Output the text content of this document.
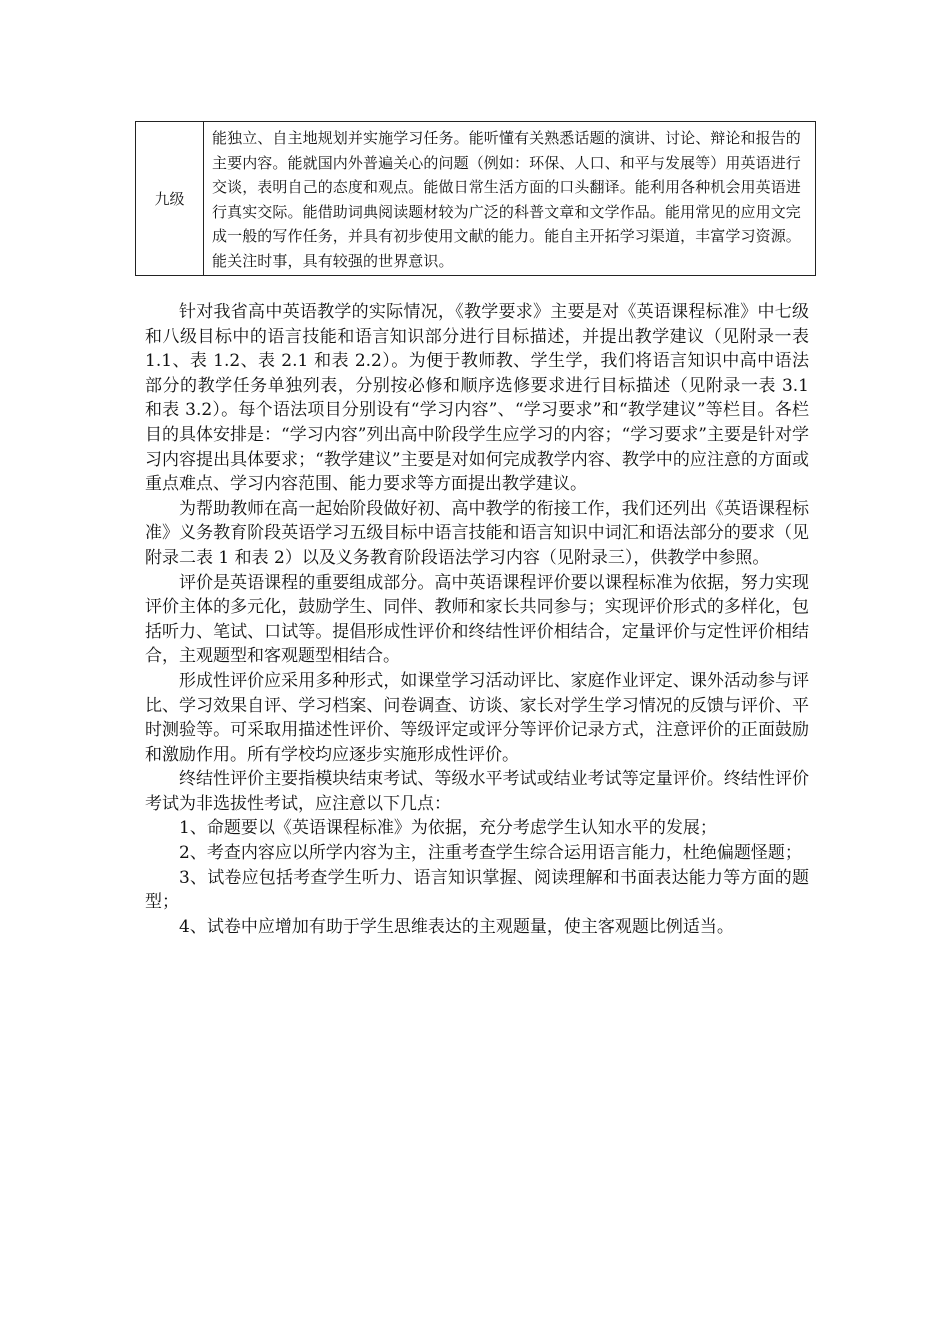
九级	能独立、自主地规划并实施学习任务。能听懂有关熟悉话题的演讲、讨论、辩论和报告的主要内容。能就国内外普遍关心的问题（例如：环保、人口、和平与发展等）用英语进行交谈，表明自己的态度和观点。能做日常生活方面的口头翻译。能利用各种机会用英语进行真实交际。能借助词典阅读题材较为广泛的科普文章和文学作品。能用常见的应用文完成一般的写作任务，并具有初步使用文献的能力。能自主开拓学习渠道，丰富学习资源。能关注时事，具有较强的世界意识。

针对我省高中英语教学的实际情况，《教学要求》主要是对《英语课程标准》中七级和八级目标中的语言技能和语言知识部分进行目标描述，并提出教学建议（见附录一表 1.1、表 1.2、表 2.1 和表 2.2）。为便于教师教、学生学，我们将语言知识中高中语法部分的教学任务单独列表，分别按必修和顺序选修要求进行目标描述（见附录一表 3.1 和表 3.2）。每个语法项目分别设有“学习内容”、“学习要求”和“教学建议”等栏目。各栏目的具体安排是：“学习内容”列出高中阶段学生应学习的内容；“学习要求”主要是针对学习内容提出具体要求；“教学建议”主要是对如何完成教学内容、教学中的应注意的方面或重点难点、学习内容范围、能力要求等方面提出教学建议。

为帮助教师在高一起始阶段做好初、高中教学的衔接工作，我们还列出《英语课程标准》义务教育阶段英语学习五级目标中语言技能和语言知识中词汇和语法部分的要求（见附录二表 1 和表 2）以及义务教育阶段语法学习内容（见附录三），供教学中参照。

评价是英语课程的重要组成部分。高中英语课程评价要以课程标准为依据，努力实现评价主体的多元化，鼓励学生、同伴、教师和家长共同参与；实现评价形式的多样化，包括听力、笔试、口试等。提倡形成性评价和终结性评价相结合，定量评价与定性评价相结合，主观题型和客观题型相结合。

形成性评价应采用多种形式，如课堂学习活动评比、家庭作业评定、课外活动参与评比、学习效果自评、学习档案、问卷调查、访谈、家长对学生学习情况的反馈与评价、平时测验等。可采取用描述性评价、等级评定或评分等评价记录方式，注意评价的正面鼓励和激励作用。所有学校均应逐步实施形成性评价。

终结性评价主要指模块结束考试、等级水平考试或结业考试等定量评价。终结性评价考试为非选拔性考试，应注意以下几点：

1、命题要以《英语课程标准》为依据，充分考虑学生认知水平的发展；

2、考查内容应以所学内容为主，注重考查学生综合运用语言能力，杜绝偏题怪题；

3、试卷应包括考查学生听力、语言知识掌握、阅读理解和书面表达能力等方面的题型；

4、试卷中应增加有助于学生思维表达的主观题量，使主客观题比例适当。
